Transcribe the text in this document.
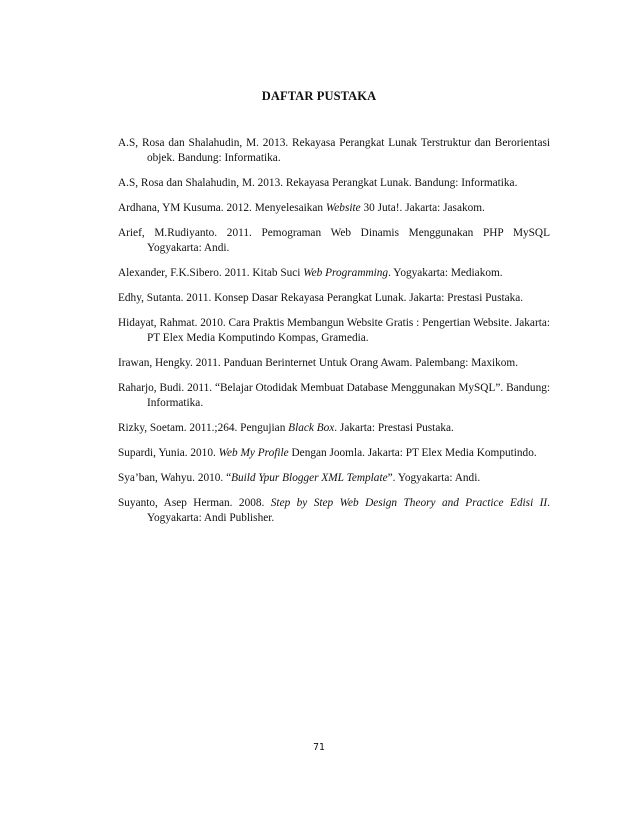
DAFTAR PUSTAKA
A.S, Rosa dan Shalahudin, M. 2013. Rekayasa Perangkat Lunak Terstruktur dan Berorientasi objek. Bandung: Informatika.
A.S, Rosa dan Shalahudin, M. 2013. Rekayasa Perangkat Lunak. Bandung: Informatika.
Ardhana, YM Kusuma. 2012. Menyelesaikan Website 30 Juta!. Jakarta: Jasakom.
Arief, M.Rudiyanto. 2011. Pemograman Web Dinamis Menggunakan PHP MySQL Yogyakarta: Andi.
Alexander, F.K.Sibero. 2011. Kitab Suci Web Programming. Yogyakarta: Mediakom.
Edhy, Sutanta. 2011. Konsep Dasar Rekayasa Perangkat Lunak. Jakarta: Prestasi Pustaka.
Hidayat, Rahmat. 2010. Cara Praktis Membangun Website Gratis : Pengertian Website. Jakarta: PT Elex Media Komputindo Kompas, Gramedia.
Irawan, Hengky. 2011. Panduan Berinternet Untuk Orang Awam. Palembang: Maxikom.
Raharjo, Budi. 2011. “Belajar Otodidak Membuat Database Menggunakan MySQL”. Bandung: Informatika.
Rizky, Soetam. 2011.;264. Pengujian Black Box. Jakarta: Prestasi Pustaka.
Supardi, Yunia. 2010. Web My Profile Dengan Joomla. Jakarta: PT Elex Media Komputindo.
Sya’ban, Wahyu. 2010. “Build Ypur Blogger XML Template”. Yogyakarta: Andi.
Suyanto, Asep Herman. 2008. Step by Step Web Design Theory and Practice Edisi II. Yogyakarta: Andi Publisher.
71
